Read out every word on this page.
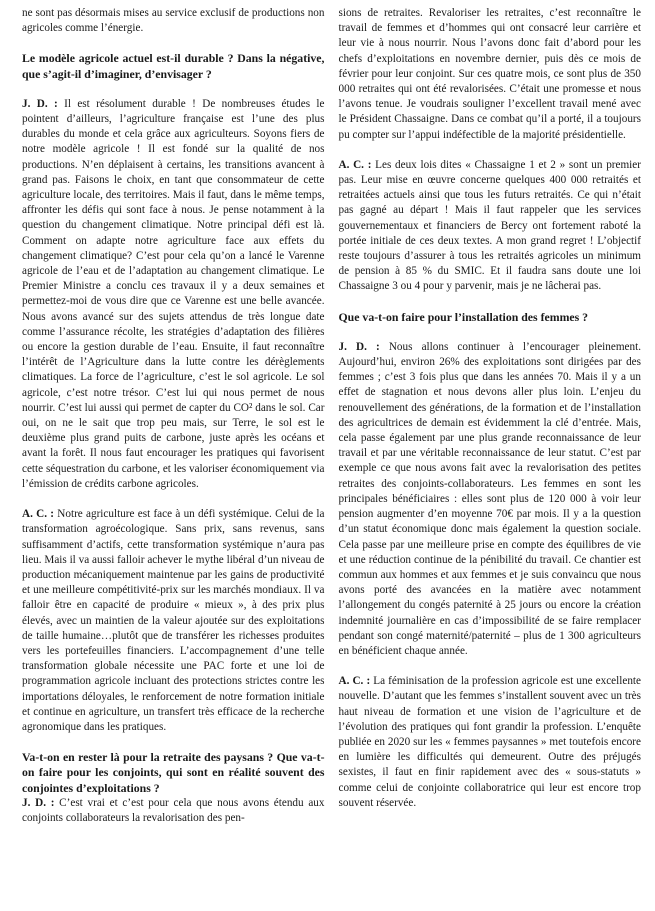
ne sont pas désormais mises au service exclusif de productions non agricoles comme l’énergie.

Le modèle agricole actuel est-il durable ? Dans la négative, que s’agit-il d’imaginer, d’envisager ?

J. D. : Il est résolument durable ! De nombreuses études le pointent d’ailleurs, l’agriculture française est l’une des plus durables du monde et cela grâce aux agriculteurs. Soyons fiers de notre modèle agricole ! Il est fondé sur la qualité de nos productions. N’en déplaisent à certains, les transitions avancent à grand pas. Faisons le choix, en tant que consommateur de cette agriculture locale, des territoires. Mais il faut, dans le même temps, affronter les défis qui sont face à nous. Je pense notamment à la question du changement climatique. Notre principal défi est là. Comment on adapte notre agriculture face aux effets du changement climatique? C’est pour cela qu’on a lancé le Varenne agricole de l’eau et de l’adaptation au changement climatique. Le Premier Ministre a conclu ces travaux il y a deux semaines et permettez-moi de vous dire que ce Varenne est une belle avancée. Nous avons avancé sur des sujets attendus de très longue date comme l’assurance récolte, les stratégies d’adaptation des filières ou encore la gestion durable de l’eau. Ensuite, il faut reconnaître l’intérêt de l’Agriculture dans la lutte contre les dérèglements climatiques. La force de l’agriculture, c’est le sol agricole. Le sol agricole, c’est notre trésor. C’est lui qui nous permet de nous nourrir. C’est lui aussi qui permet de capter du CO² dans le sol. Car oui, on ne le sait que trop peu mais, sur Terre, le sol est le deuxième plus grand puits de carbone, juste après les océans et avant la forêt. Il nous faut encourager les pratiques qui favorisent cette séquestration du carbone, et les valoriser économiquement via l’émission de crédits carbone agricoles.

A. C. : Notre agriculture est face à un défi systémique. Celui de la transformation agroécologique. Sans prix, sans revenus, sans suffisamment d’actifs, cette transformation systémique n’aura pas lieu. Mais il va aussi falloir achever le mythe libéral d’un niveau de production mécaniquement maintenue par les gains de productivité et une meilleure compétitivité-prix sur les marchés mondiaux. Il va falloir être en capacité de produire « mieux », à des prix plus élevés, avec un maintien de la valeur ajoutée sur des exploitations de taille humaine…plutôt que de transférer les richesses produites vers les portefeuilles financiers. L’accompagnement d’une telle transformation globale nécessite une PAC forte et une loi de programmation agricole incluant des protections strictes contre les importations déloyales, le renforcement de notre formation initiale et continue en agriculture, un transfert très efficace de la recherche agronomique dans les pratiques.

Va-t-on en rester là pour la retraite des paysans ? Que va-t-on faire pour les conjoints, qui sont en réalité souvent des conjointes d’exploitations ?

J. D. : C’est vrai et c’est pour cela que nous avons étendu aux conjoints collaborateurs la revalorisation des pen-

sions de retraites. Revaloriser les retraites, c’est reconnaître le travail de femmes et d’hommes qui ont consacré leur carrière et leur vie à nous nourrir. Nous l’avons donc fait d’abord pour les chefs d’exploitations en novembre dernier, puis dès ce mois de février pour leur conjoint. Sur ces quatre mois, ce sont plus de 350 000 retraites qui ont été revalorisées. C’était une promesse et nous l’avons tenue. Je voudrais souligner l’excellent travail mené avec le Président Chassaigne. Dans ce combat qu’il a porté, il a toujours pu compter sur l’appui indéfectible de la majorité présidentielle.

A. C. : Les deux lois dites « Chassaigne 1 et 2 » sont un premier pas. Leur mise en œuvre concerne quelques 400 000 retraités et retraitées actuels ainsi que tous les futurs retraités. Ce qui n’était pas gagné au départ ! Mais il faut rappeler que les services gouvernementaux et financiers de Bercy ont fortement raboté la portée initiale de ces deux textes. A mon grand regret ! L’objectif reste toujours d’assurer à tous les retraités agricoles un minimum de pension à 85 % du SMIC. Et il faudra sans doute une loi Chassaigne 3 ou 4 pour y parvenir, mais je ne lâcherai pas.

Que va-t-on faire pour l’installation des femmes ?

J. D. : Nous allons continuer à l’encourager pleinement. Aujourd’hui, environ 26% des exploitations sont dirigées par des femmes ; c’est 3 fois plus que dans les années 70. Mais il y a un effet de stagnation et nous devons aller plus loin. L’enjeu du renouvellement des générations, de la formation et de l’installation des agricultrices de demain est évidemment la clé d’entrée. Mais, cela passe également par une plus grande reconnaissance de leur travail et par une véritable reconnaissance de leur statut. C’est par exemple ce que nous avons fait avec la revalorisation des petites retraites des conjoints-collaborateurs. Les femmes en sont les principales bénéficiaires : elles sont plus de 120 000 à voir leur pension augmenter d’en moyenne 70€ par mois. Il y a la question d’un statut économique donc mais également la question sociale. Cela passe par une meilleure prise en compte des équilibres de vie et une réduction continue de la pénibilité du travail. Ce chantier est commun aux hommes et aux femmes et je suis convaincu que nous avons porté des avancées en la matière avec notamment l’allongement du congés paternité à 25 jours ou encore la création indemnité journalière en cas d’impossibilité de se faire remplacer pendant son congé maternité/paternité – plus de 1 300 agriculteurs en bénéficient chaque année.

A. C. : La féminisation de la profession agricole est une excellente nouvelle. D’autant que les femmes s’installent souvent avec un très haut niveau de formation et une vision de l’agriculture et de l’évolution des pratiques qui font grandir la profession. L’enquête publiée en 2020 sur les « femmes paysannes » met toutefois encore en lumière les difficultés qui demeurent. Outre des préjugés sexistes, il faut en finir rapidement avec des « sous-statuts » comme celui de conjointe collaboratrice qui leur est encore trop souvent réservée.
